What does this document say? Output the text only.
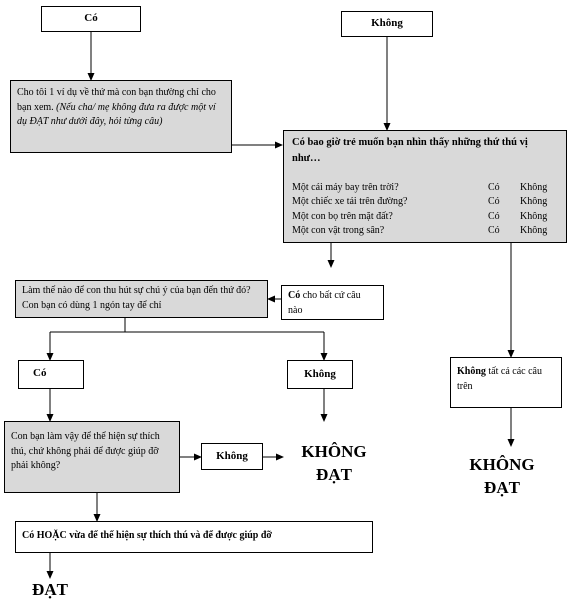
Có	Không
Cho tôi 1 ví dụ về thứ mà con bạn thường chỉ cho bạn xem. (Nếu cha/ mẹ không đưa ra được một ví dụ ĐẠT như dưới đây, hỏi từng câu)
Có bao giờ trẻ muốn bạn nhìn thấy những thứ thú vị như…
Một cái máy bay trên trời?	Có	Không
Một chiếc xe tải trên đường?	Có	Không
Một con bọ trên mặt đất?	Có	Không
Một con vật trong sân?	Có	Không
Làm thế nào để con thu hút sự chú ý của bạn đến thứ đó? Con bạn có dùng 1 ngón tay để chỉ
Có cho bất cứ câu nào
Không tất cả các câu trên
Có	Không
Con bạn làm vậy để thể hiện sự thích thú, chứ không phải để được giúp đỡ phải không?
Không	KHÔNG ĐẠT
KHÔNG ĐẠT
Có HOẶC vừa để thể hiện sự thích thú và để được giúp đỡ
ĐẠT
